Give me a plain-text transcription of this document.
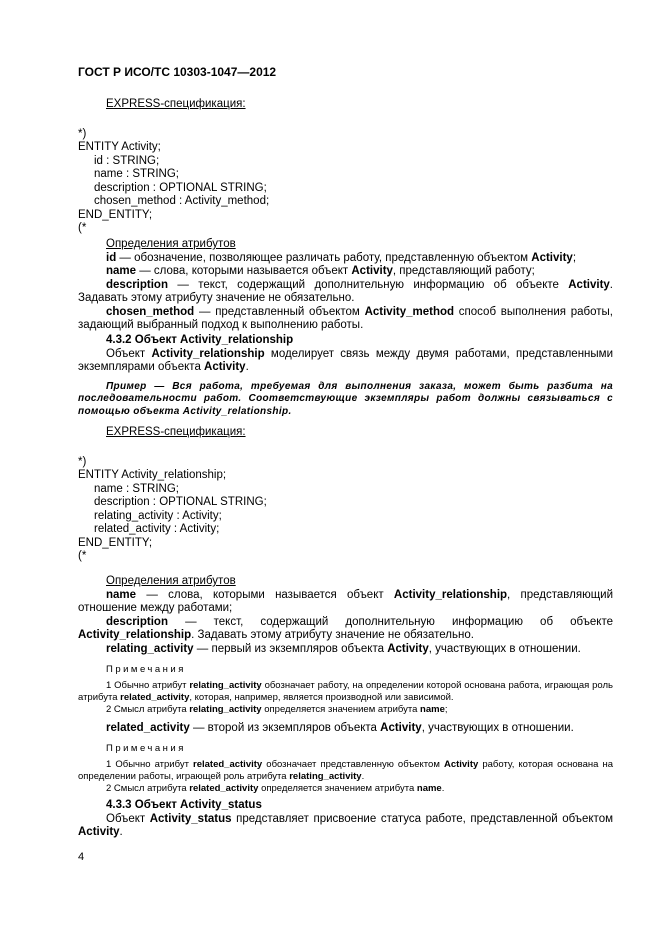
ГОСТ Р ИСО/ТС 10303-1047—2012

EXPRESS-спецификация:

*)
ENTITY Activity;
id : STRING;
name : STRING;
description : OPTIONAL STRING;
chosen_method : Activity_method;
END_ENTITY;
(*

Определения атрибутов

id — обозначение, позволяющее различать работу, представленную объектом Activity;

name — слова, которыми называется объект Activity, представляющий работу;

description — текст, содержащий дополнительную информацию об объекте Activity. Задавать этому атрибуту значение не обязательно.

chosen_method — представленный объектом Activity_method способ выполнения работы, задающий выбранный подход к выполнению работы.

4.3.2 Объект Activity_relationship

Объект Activity_relationship моделирует связь между двумя работами, представленными экземплярами объекта Activity.

Пример — Вся работа, требуемая для выполнения заказа, может быть разбита на последовательности работ. Соответствующие экземпляры работ должны связываться с помощью объекта Activity_relationship.

EXPRESS-спецификация:

*)
ENTITY Activity_relationship;
name : STRING;
description : OPTIONAL STRING;
relating_activity : Activity;
related_activity : Activity;
END_ENTITY;
(*

Определения атрибутов

name — слова, которыми называется объект Activity_relationship, представляющий отношение между работами;

description — текст, содержащий дополнительную информацию об объекте Activity_relationship. Задавать этому атрибуту значение не обязательно.

relating_activity — первый из экземпляров объекта Activity, участвующих в отношении.

Примечания

1 Обычно атрибут relating_activity обозначает работу, на определении которой основана работа, играющая роль атрибута related_activity, которая, например, является производной или зависимой.

2 Смысл атрибута relating_activity определяется значением атрибута name;

related_activity — второй из экземпляров объекта Activity, участвующих в отношении.

Примечания

1 Обычно атрибут related_activity обозначает представленную объектом Activity работу, которая основана на определении работы, играющей роль атрибута relating_activity.

2 Смысл атрибута related_activity определяется значением атрибута name.

4.3.3 Объект Activity_status

Объект Activity_status представляет присвоение статуса работе, представленной объектом Activity.

4
